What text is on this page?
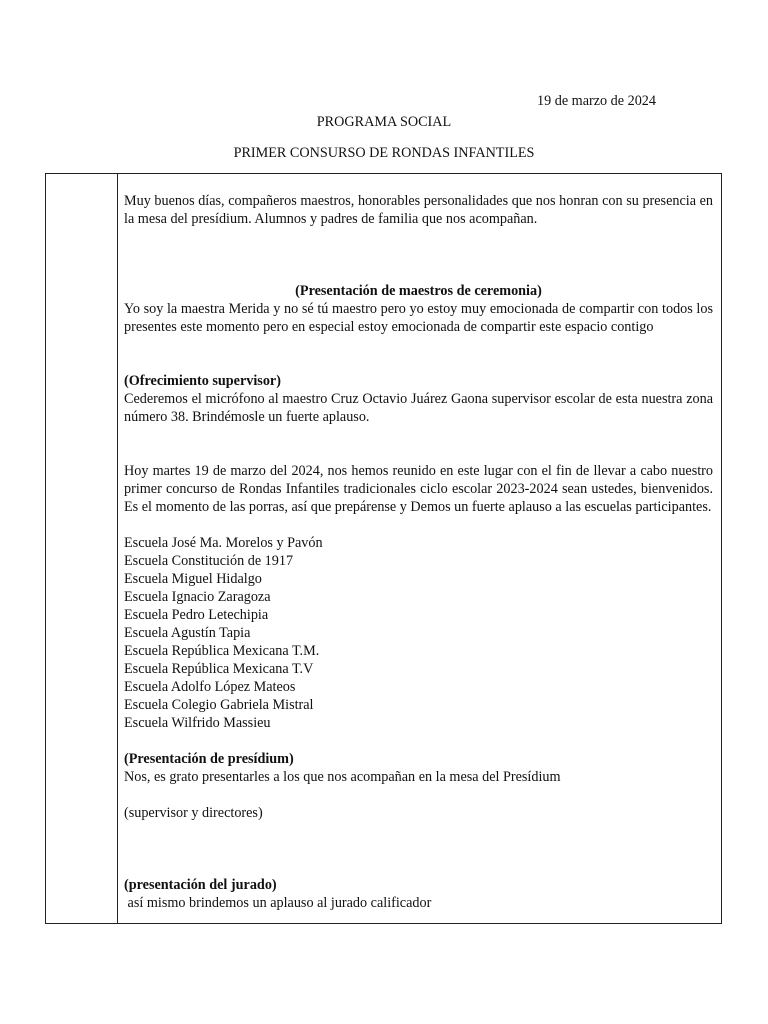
19 de marzo de 2024
PROGRAMA SOCIAL
PRIMER CONSURSO DE RONDAS INFANTILES

Muy buenos días, compañeros maestros, honorables personalidades que nos honran con su presencia en la mesa del presídium. Alumnos y padres de familia que nos acompañan.

(Presentación de maestros de ceremonia)

Yo soy la maestra Merida y no sé tú maestro pero yo estoy muy emocionada de compartir con todos los presentes este momento pero en especial estoy emocionada de compartir este espacio contigo

(Ofrecimiento supervisor)

Cederemos el micrófono al maestro Cruz Octavio Juárez Gaona supervisor escolar de esta nuestra zona número 38. Brindémosle un fuerte aplauso.

Hoy martes 19 de marzo del 2024, nos hemos reunido en este lugar con el fin de llevar a cabo nuestro primer concurso de Rondas Infantiles tradicionales ciclo escolar 2023-2024 sean ustedes, bienvenidos. Es el momento de las porras, así que prepárense y Demos un fuerte aplauso a las escuelas participantes.

Escuela José Ma. Morelos y Pavón
Escuela Constitución de 1917
Escuela Miguel Hidalgo
Escuela Ignacio Zaragoza
Escuela Pedro Letechipia
Escuela Agustín Tapia
Escuela República Mexicana T.M.
Escuela República Mexicana T.V
Escuela Adolfo López Mateos
Escuela Colegio Gabriela Mistral
Escuela Wilfrido Massieu

(Presentación de presídium)

Nos, es grato presentarles a los que nos acompañan en la mesa del Presídium

(supervisor y directores)

(presentación del jurado)

así mismo brindemos un aplauso al jurado calificador
